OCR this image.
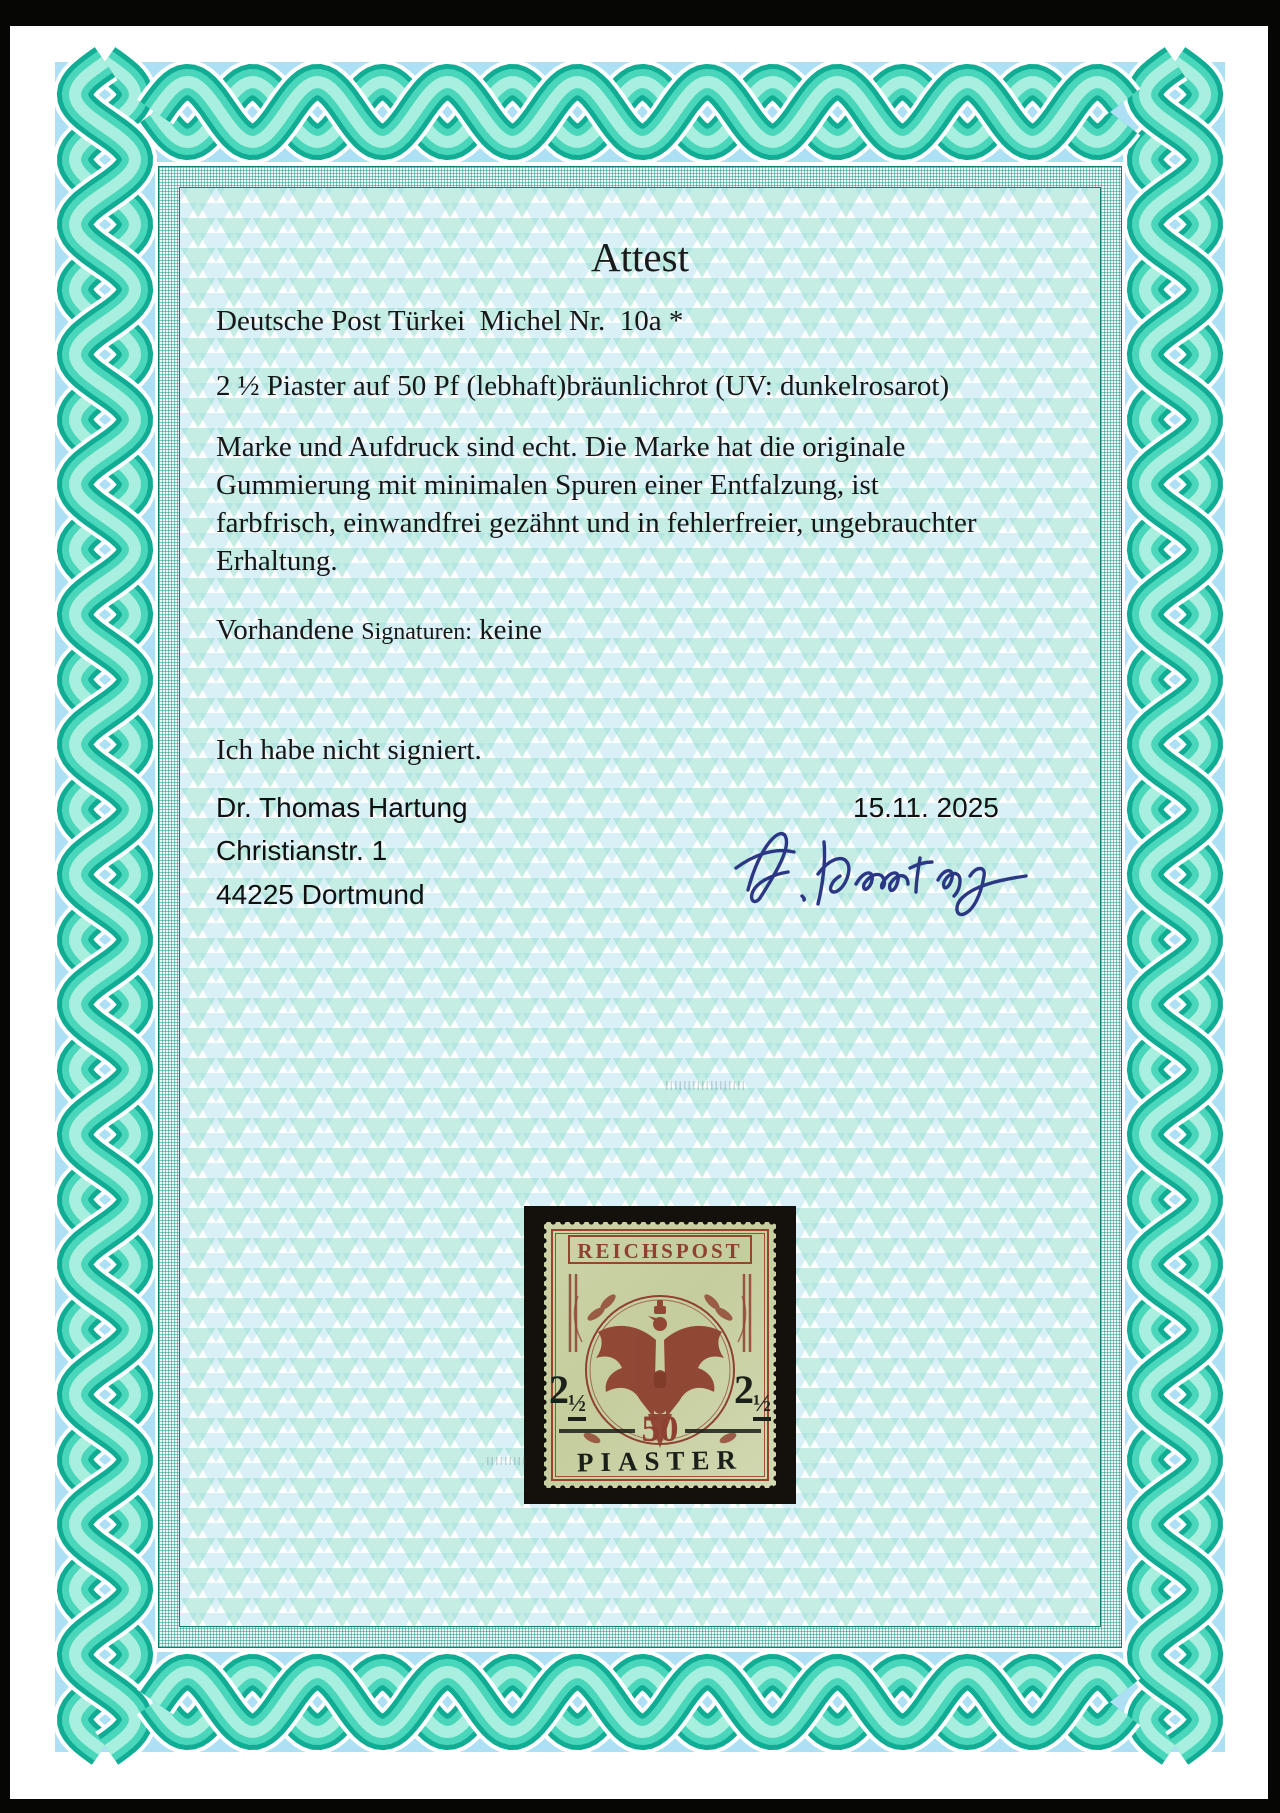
Attest
Deutsche Post Türkei  Michel Nr.  10a *
2 ½ Piaster auf 50 Pf (lebhaft)bräunlichrot (UV: dunkelrosarot)
Marke und Aufdruck sind echt. Die Marke hat die originale
Gummierung mit minimalen Spuren einer Entfalzung, ist
farbfrisch, einwandfrei gezähnt und in fehlerfreier, ungebrauchter
Erhaltung.
Vorhandene Signaturen: keine
Ich habe nicht signiert.
Dr. Thomas Hartung
Christianstr. 1
44225 Dortmund
15.11. 2025
REICHSPOST
50
2 ½	2 ½
PIASTER
